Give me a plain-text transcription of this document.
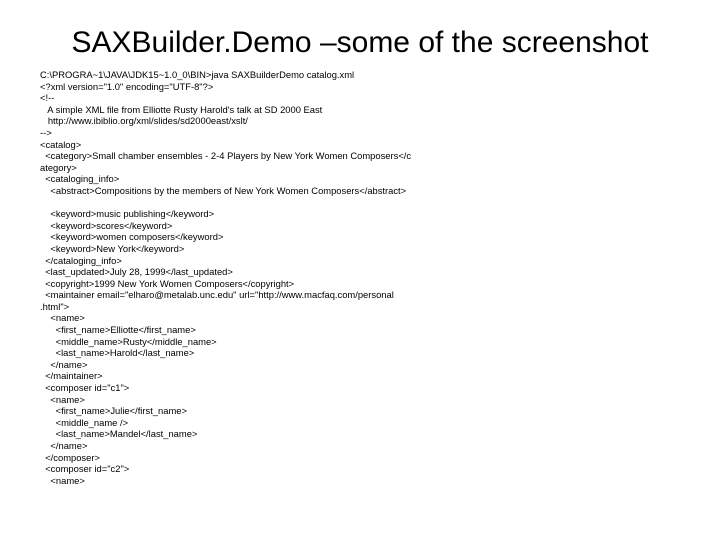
SAXBuilder.Demo –some of the screenshot
C:\PROGRA~1\JAVA\JDK15~1.0_0\BIN>java SAXBuilderDemo catalog.xml
<?xml version="1.0" encoding="UTF-8"?>
<!--
A simple XML file from Elliotte Rusty Harold's talk at SD 2000 East
http://www.ibiblio.org/xml/slides/sd2000east/xslt/
-->
<catalog>
<category>Small chamber ensembles - 2-4 Players by New York Women Composers</c
ategory>
<cataloging_info>
<abstract>Compositions by the members of New York Women Composers</abstract>
<keyword>music publishing</keyword>
<keyword>scores</keyword>
<keyword>women composers</keyword>
<keyword>New York</keyword>
</cataloging_info>
<last_updated>July 28, 1999</last_updated>
<copyright>1999 New York Women Composers</copyright>
<maintainer email="elharo@metalab.unc.edu" url="http://www.macfaq.com/personal
.html">
<name>
<first_name>Elliotte</first_name>
<middle_name>Rusty</middle_name>
<last_name>Harold</last_name>
</name>
</maintainer>
<composer id="c1">
<name>
<first_name>Julie</first_name>
<middle_name />
<last_name>Mandel</last_name>
</name>
</composer>
<composer id="c2">
<name>
